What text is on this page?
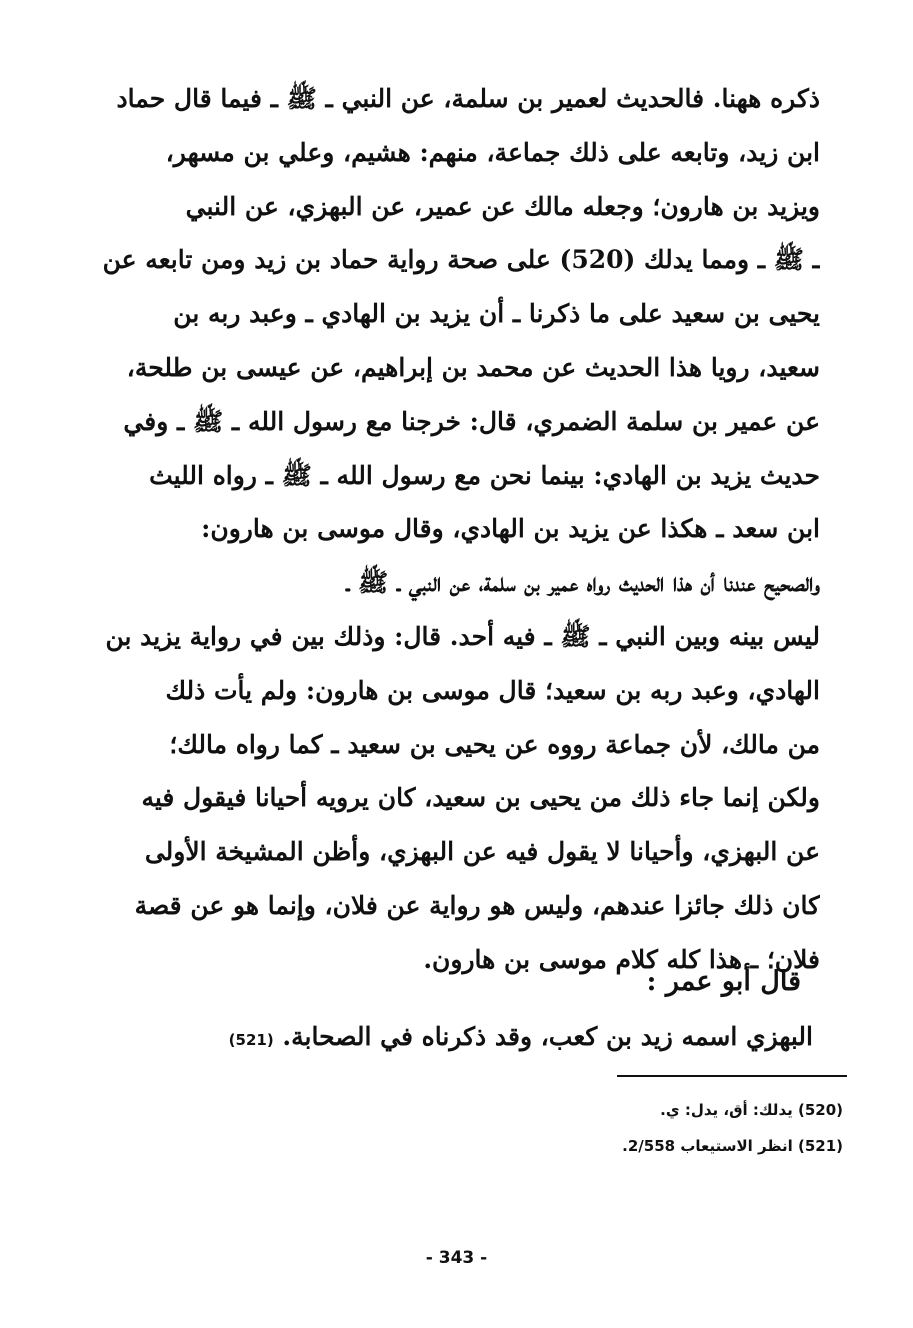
ذكره ههنا. فالحديث لعمير بن سلمة، عن النبي ـ ﷺ ـ فيما قال حماد
ابن زيد، وتابعه على ذلك جماعة، منهم: هشيم، وعلي بن مسهر،
ويزيد بن هارون؛ وجعله مالك عن عمير، عن البهزي، عن النبي
ـ ﷺ ـ ومما يدلك (520) على صحة رواية حماد بن زيد ومن تابعه عن
يحيى بن سعيد على ما ذكرنا ـ أن يزيد بن الهادي ـ وعبد ربه بن
سعيد، رويا هذا الحديث عن محمد بن إبراهيم، عن عيسى بن طلحة،
عن عمير بن سلمة الضمري، قال: خرجنا مع رسول الله ـ ﷺ ـ وفي
حديث يزيد بن الهادي: بينما نحن مع رسول الله ـ ﷺ ـ رواه الليث
ابن سعد ـ هكذا عن يزيد بن الهادي، وقال موسى بن هارون:
والصحيح عندنا أن هذا الحديث رواه عمير بن سلمة، عن النبي ـ ﷺ ـ
ليس بينه وبين النبي ـ ﷺ ـ فيه أحد. قال: وذلك بين في رواية يزيد بن
الهادي، وعبد ربه بن سعيد؛ قال موسى بن هارون: ولم يأت ذلك
من مالك، لأن جماعة رووه عن يحيى بن سعيد ـ كما رواه مالك؛
ولكن إنما جاء ذلك من يحيى بن سعيد، كان يرويه أحيانا فيقول فيه
عن البهزي، وأحيانا لا يقول فيه عن البهزي، وأظن المشيخة الأولى
كان ذلك جائزا عندهم، وليس هو رواية عن فلان، وإنما هو عن قصة
فلان؛ ـ هذا كله كلام موسى بن هارون.
قال أبو عمر :
البهزي اسمه زيد بن كعب، وقد ذكرناه في الصحابة. (521)
(520) يدلك: أق، يدل: ي.
(521) انظر الاستيعاب 2/558.
- 343 -
